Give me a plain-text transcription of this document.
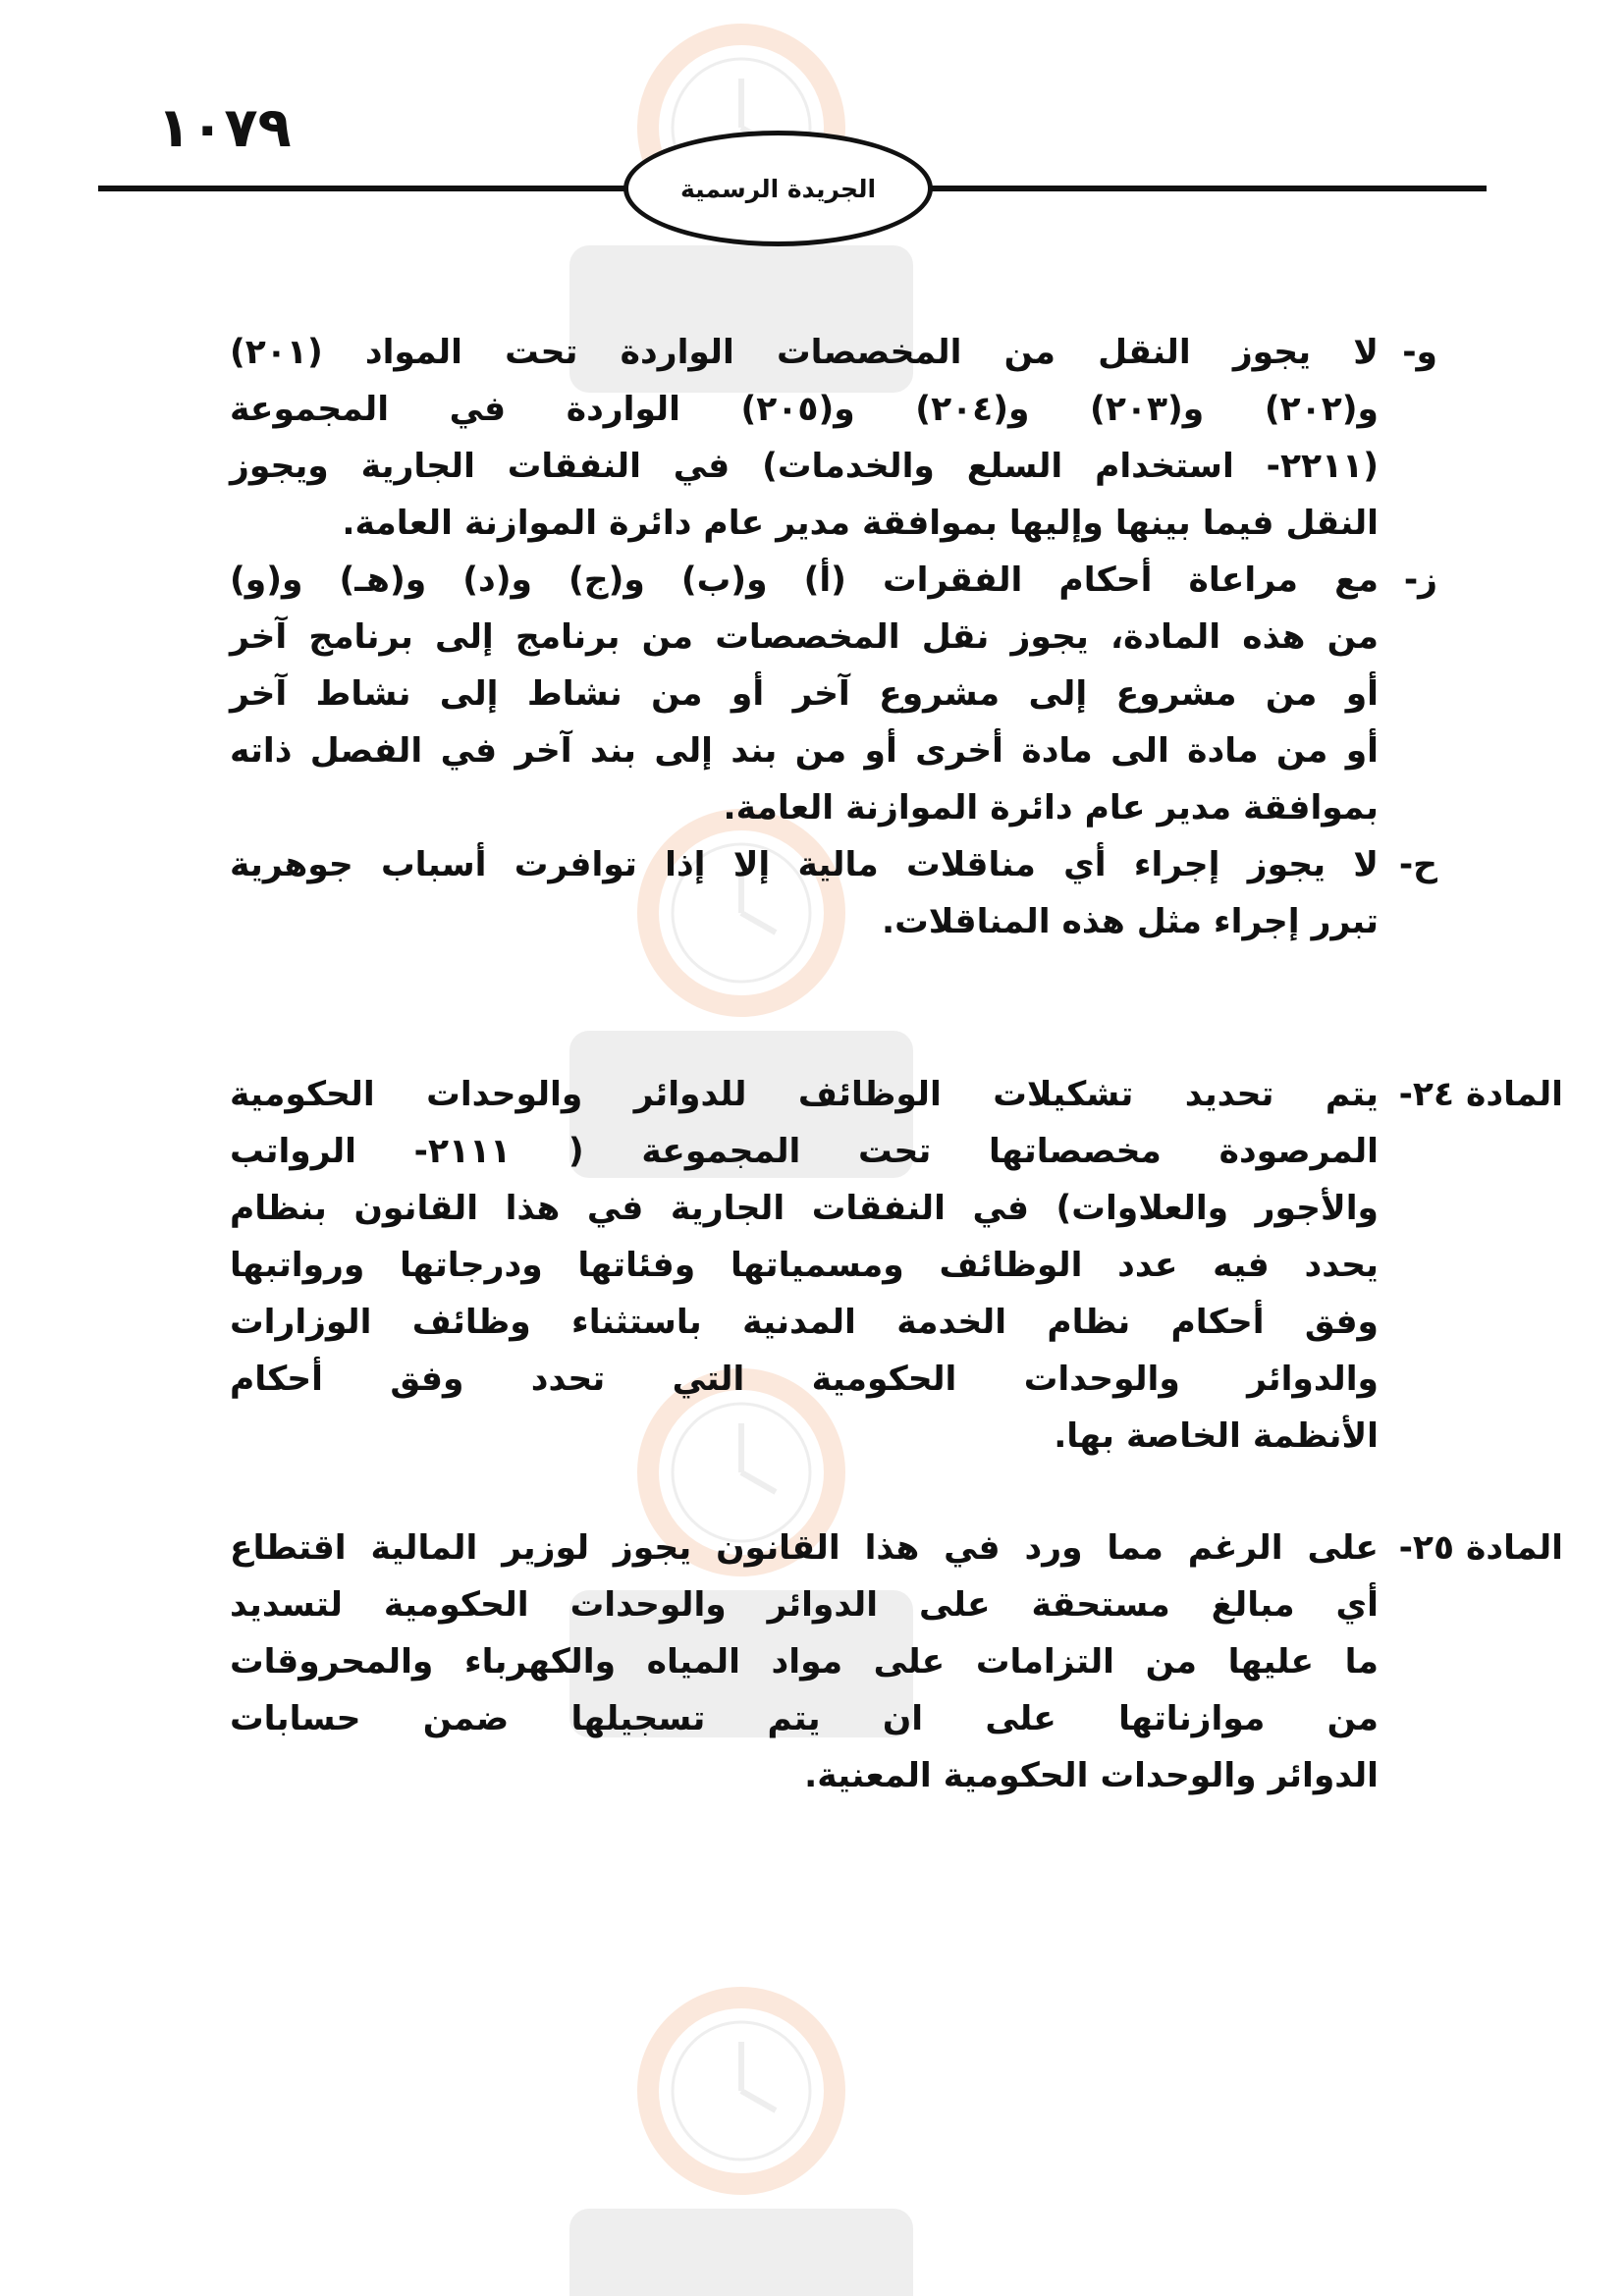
١٠٧٩
الجريدة الرسمية
و-
لا يجوز النقل من المخصصات الواردة تحت المواد (٢٠١)
و(٢٠٢) و(٢٠٣) و(٢٠٤) و(٢٠٥) الواردة في المجموعة
(٢٢١١- استخدام السلع والخدمات) في النفقات الجارية ويجوز
النقل فيما بينها وإليها بموافقة مدير عام دائرة الموازنة العامة.
ز-
مع مراعاة أحكام الفقرات (أ) و(ب) و(ج) و(د) و(هـ) و(و)
من هذه المادة، يجوز نقل المخصصات من برنامج إلى برنامج آخر
أو من مشروع إلى مشروع آخر أو من نشاط إلى نشاط آخر
أو من مادة الى مادة أخرى أو من بند إلى بند آخر في الفصل ذاته
بموافقة مدير عام دائرة الموازنة العامة.
ح-
لا يجوز إجراء أي مناقلات مالية إلا إذا توافرت أسباب جوهرية
تبرر إجراء مثل هذه المناقلات.
المادة ٢٤-
يتم تحديد تشكيلات الوظائف للدوائر والوحدات الحكومية
المرصودة مخصصاتها تحت المجموعة ( ٢١١١- الرواتب
والأجور والعلاوات) في النفقات الجارية في هذا القانون بنظام
يحدد فيه عدد الوظائف ومسمياتها وفئاتها ودرجاتها ورواتبها
وفق أحكام نظام الخدمة المدنية باستثناء وظائف الوزارات
والدوائر والوحدات الحكومية التي تحدد وفق أحكام
الأنظمة الخاصة بها.
المادة ٢٥-
على الرغم مما ورد في هذا القانون يجوز لوزير المالية اقتطاع
أي مبالغ مستحقة على الدوائر والوحدات الحكومية لتسديد
ما عليها من التزامات على مواد المياه والكهرباء والمحروقات
من موازناتها على ان يتم تسجيلها ضمن حسابات
الدوائر والوحدات الحكومية المعنية.
